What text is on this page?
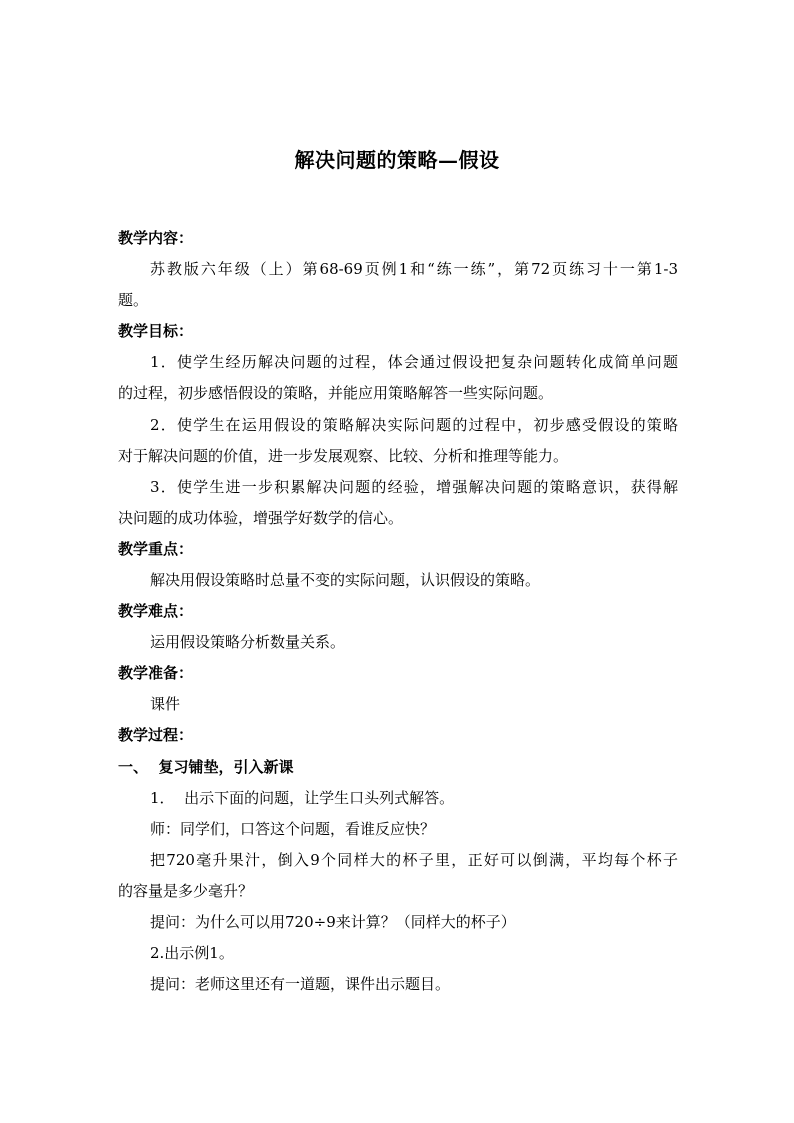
解决问题的策略—假设

教学内容：

苏教版六年级（上）第68-69页例1和“练一练”，第72页练习十一第1-3

题。

教学目标：

1．使学生经历解决问题的过程，体会通过假设把复杂问题转化成简单问题

的过程，初步感悟假设的策略，并能应用策略解答一些实际问题。

2．使学生在运用假设的策略解决实际问题的过程中，初步感受假设的策略

对于解决问题的价值，进一步发展观察、比较、分析和推理等能力。

3．使学生进一步积累解决问题的经验，增强解决问题的策略意识，获得解

决问题的成功体验，增强学好数学的信心。

教学重点：

解决用假设策略时总量不变的实际问题，认识假设的策略。

教学难点：

运用假设策略分析数量关系。

教学准备：

课件

教学过程：

一、  复习铺垫，引入新课

1．  出示下面的问题，让学生口头列式解答。

师：同学们，口答这个问题，看谁反应快？

把720毫升果汁，倒入9个同样大的杯子里，正好可以倒满，平均每个杯子

的容量是多少毫升？

提问：为什么可以用720÷9来计算？（同样大的杯子）

2.出示例1。

提问：老师这里还有一道题，课件出示题目。
